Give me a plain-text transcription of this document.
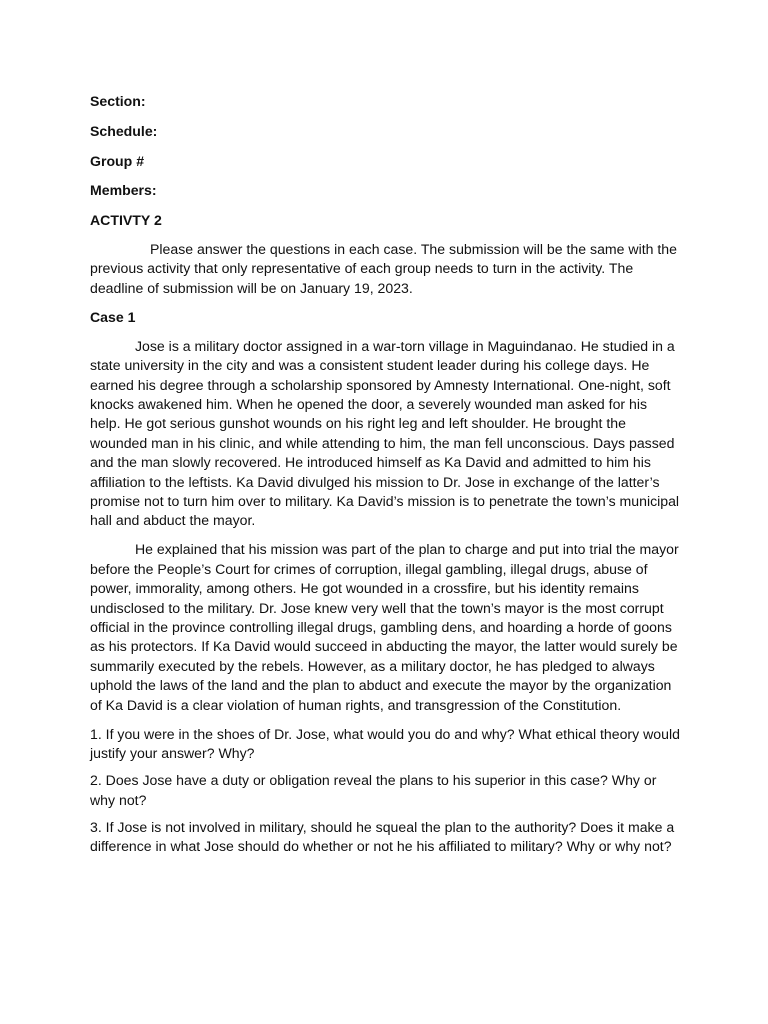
Section:
Schedule:
Group #
Members:
ACTIVTY 2

Please answer the questions in each case. The submission will be the same with the previous activity that only representative of each group needs to turn in the activity. The deadline of submission will be on January 19, 2023.

Case 1

Jose is a military doctor assigned in a war-torn village in Maguindanao. He studied in a state university in the city and was a consistent student leader during his college days. He earned his degree through a scholarship sponsored by Amnesty International. One-night, soft knocks awakened him. When he opened the door, a severely wounded man asked for his help. He got serious gunshot wounds on his right leg and left shoulder. He brought the wounded man in his clinic, and while attending to him, the man fell unconscious. Days passed and the man slowly recovered. He introduced himself as Ka David and admitted to him his affiliation to the leftists. Ka David divulged his mission to Dr. Jose in exchange of the latter’s promise not to turn him over to military. Ka David’s mission is to penetrate the town’s municipal hall and abduct the mayor.

He explained that his mission was part of the plan to charge and put into trial the mayor before the People’s Court for crimes of corruption, illegal gambling, illegal drugs, abuse of power, immorality, among others. He got wounded in a crossfire, but his identity remains undisclosed to the military. Dr. Jose knew very well that the town’s mayor is the most corrupt official in the province controlling illegal drugs, gambling dens, and hoarding a horde of goons as his protectors. If Ka David would succeed in abducting the mayor, the latter would surely be summarily executed by the rebels. However, as a military doctor, he has pledged to always uphold the laws of the land and the plan to abduct and execute the mayor by the organization of Ka David is a clear violation of human rights, and transgression of the Constitution.

1. If you were in the shoes of Dr. Jose, what would you do and why? What ethical theory would justify your answer? Why?

2. Does Jose have a duty or obligation reveal the plans to his superior in this case? Why or why not?

3. If Jose is not involved in military, should he squeal the plan to the authority? Does it make a difference in what Jose should do whether or not he his affiliated to military? Why or why not?
